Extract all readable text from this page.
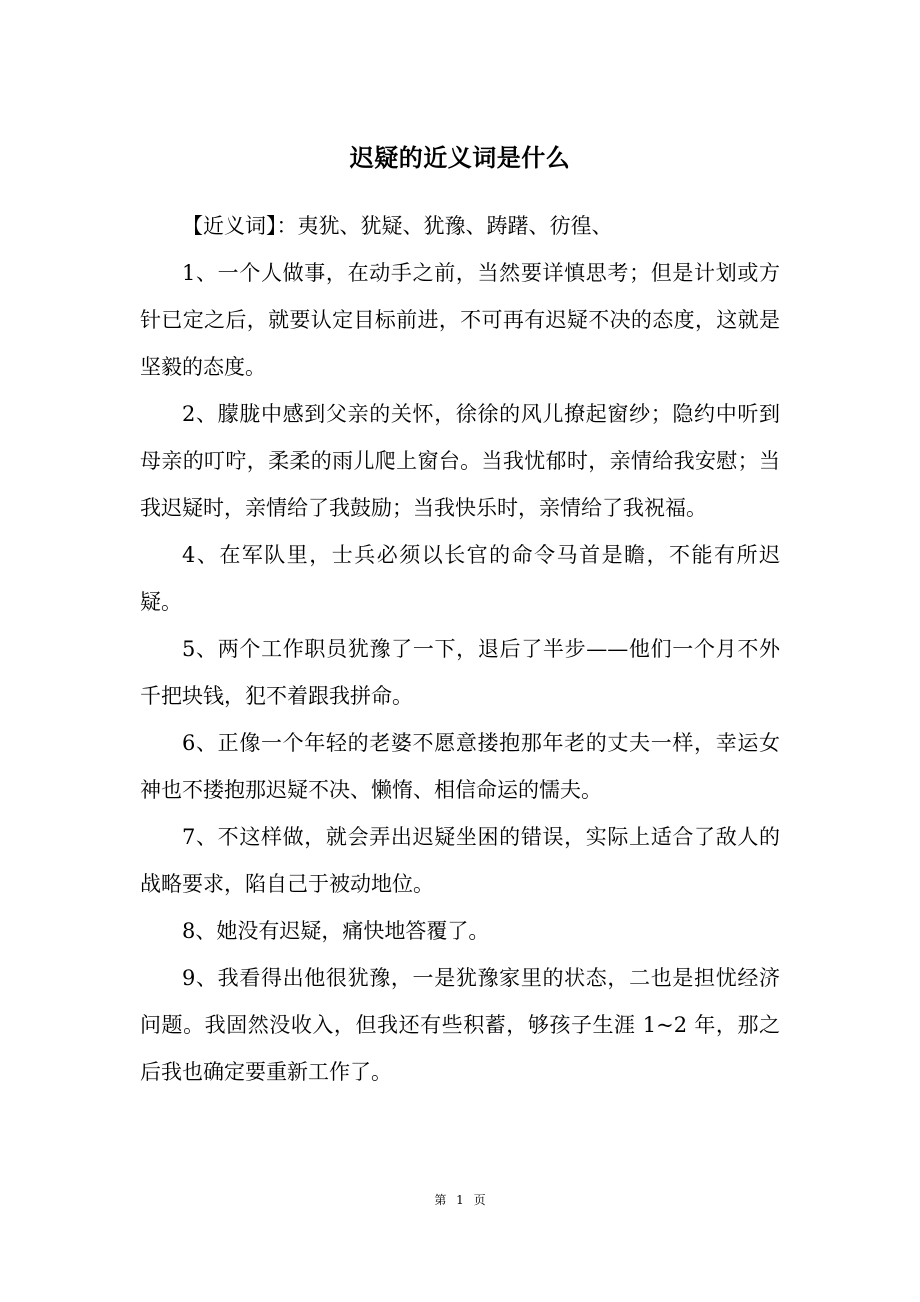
迟疑的近义词是什么

【近义词】：夷犹、犹疑、犹豫、踌躇、彷徨、

1、一个人做事，在动手之前，当然要详慎思考；但是计划或方针已定之后，就要认定目标前进，不可再有迟疑不决的态度，这就是坚毅的态度。

2、朦胧中感到父亲的关怀，徐徐的风儿撩起窗纱；隐约中听到母亲的叮咛，柔柔的雨儿爬上窗台。当我忧郁时，亲情给我安慰；当我迟疑时，亲情给了我鼓励；当我快乐时，亲情给了我祝福。

4、在军队里，士兵必须以长官的命令马首是瞻，不能有所迟疑。

5、两个工作职员犹豫了一下，退后了半步——他们一个月不外千把块钱，犯不着跟我拼命。

6、正像一个年轻的老婆不愿意搂抱那年老的丈夫一样，幸运女神也不搂抱那迟疑不决、懒惰、相信命运的懦夫。

7、不这样做，就会弄出迟疑坐困的错误，实际上适合了敌人的战略要求，陷自己于被动地位。

8、她没有迟疑，痛快地答覆了。

9、我看得出他很犹豫，一是犹豫家里的状态，二也是担忧经济问题。我固然没收入，但我还有些积蓄，够孩子生涯 1~2 年，那之后我也确定要重新工作了。

第 1 页
